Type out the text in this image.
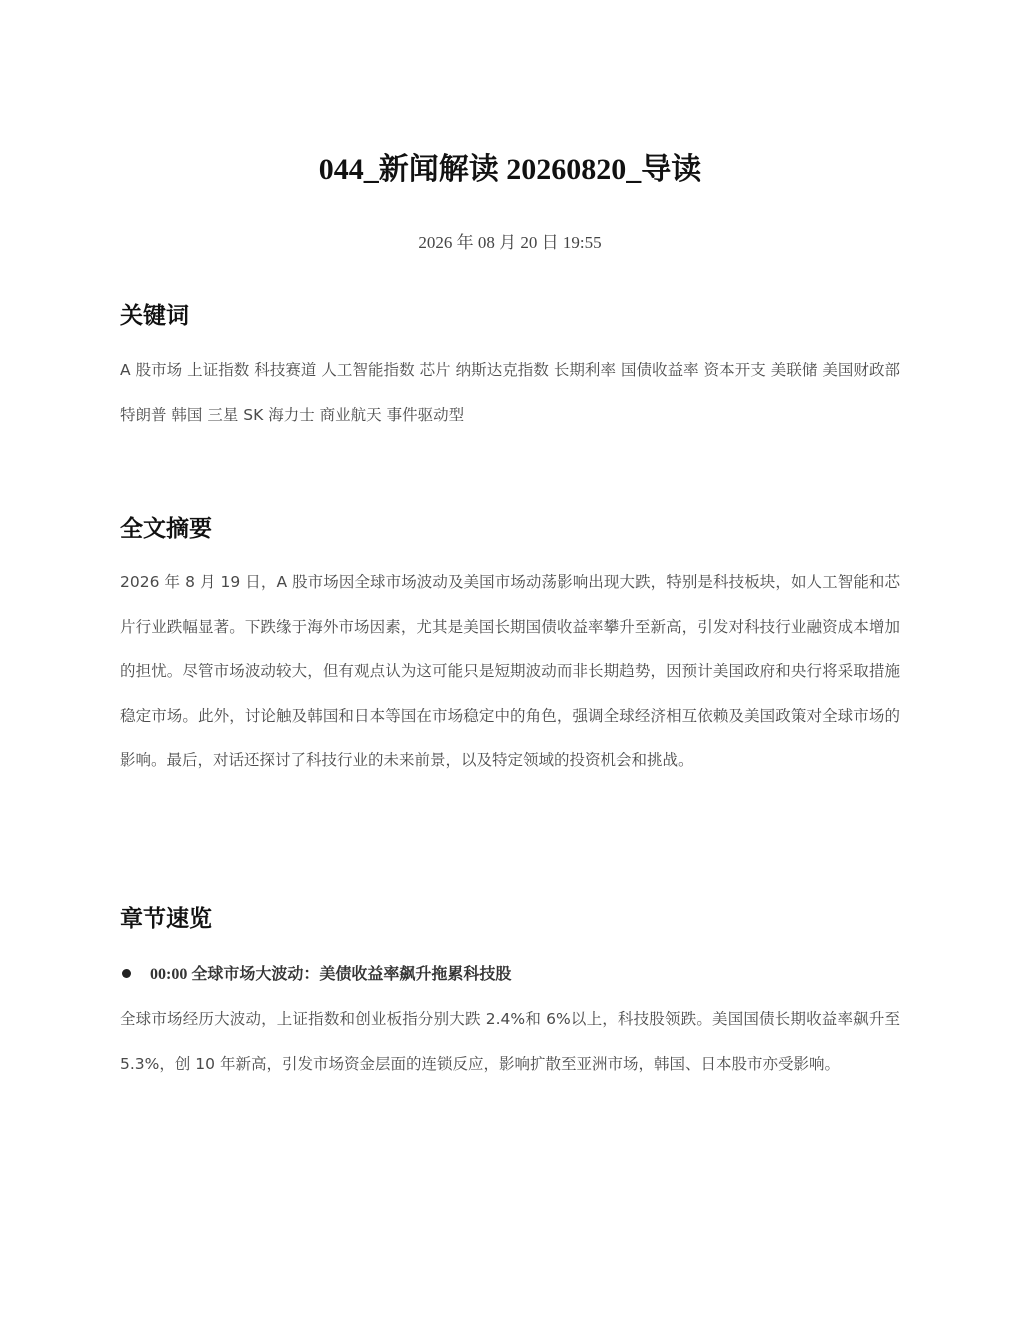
044_新闻解读 20260820_导读
2026 年 08 月 20 日 19:55
关键词

A 股市场 上证指数 科技赛道 人工智能指数 芯片 纳斯达克指数 长期利率 国债收益率 资本开支 美联储 美国财政部 特朗普 韩国 三星 SK 海力士 商业航天 事件驱动型

全文摘要

2026 年 8 月 19 日，A 股市场因全球市场波动及美国市场动荡影响出现大跌，特别是科技板块，如人工智能和芯片行业跌幅显著。下跌缘于海外市场因素，尤其是美国长期国债收益率攀升至新高，引发对科技行业融资成本增加的担忧。尽管市场波动较大，但有观点认为这可能只是短期波动而非长期趋势，因预计美国政府和央行将采取措施稳定市场。此外，讨论触及韩国和日本等国在市场稳定中的角色，强调全球经济相互依赖及美国政策对全球市场的影响。最后，对话还探讨了科技行业的未来前景，以及特定领域的投资机会和挑战。

章节速览
00:00 全球市场大波动：美债收益率飙升拖累科技股

全球市场经历大波动，上证指数和创业板指分别大跌 2.4%和 6%以上，科技股领跌。美国国债长期收益率飙升至 5.3%，创 10 年新高，引发市场资金层面的连锁反应，影响扩散至亚洲市场，韩国、日本股市亦受影响。
